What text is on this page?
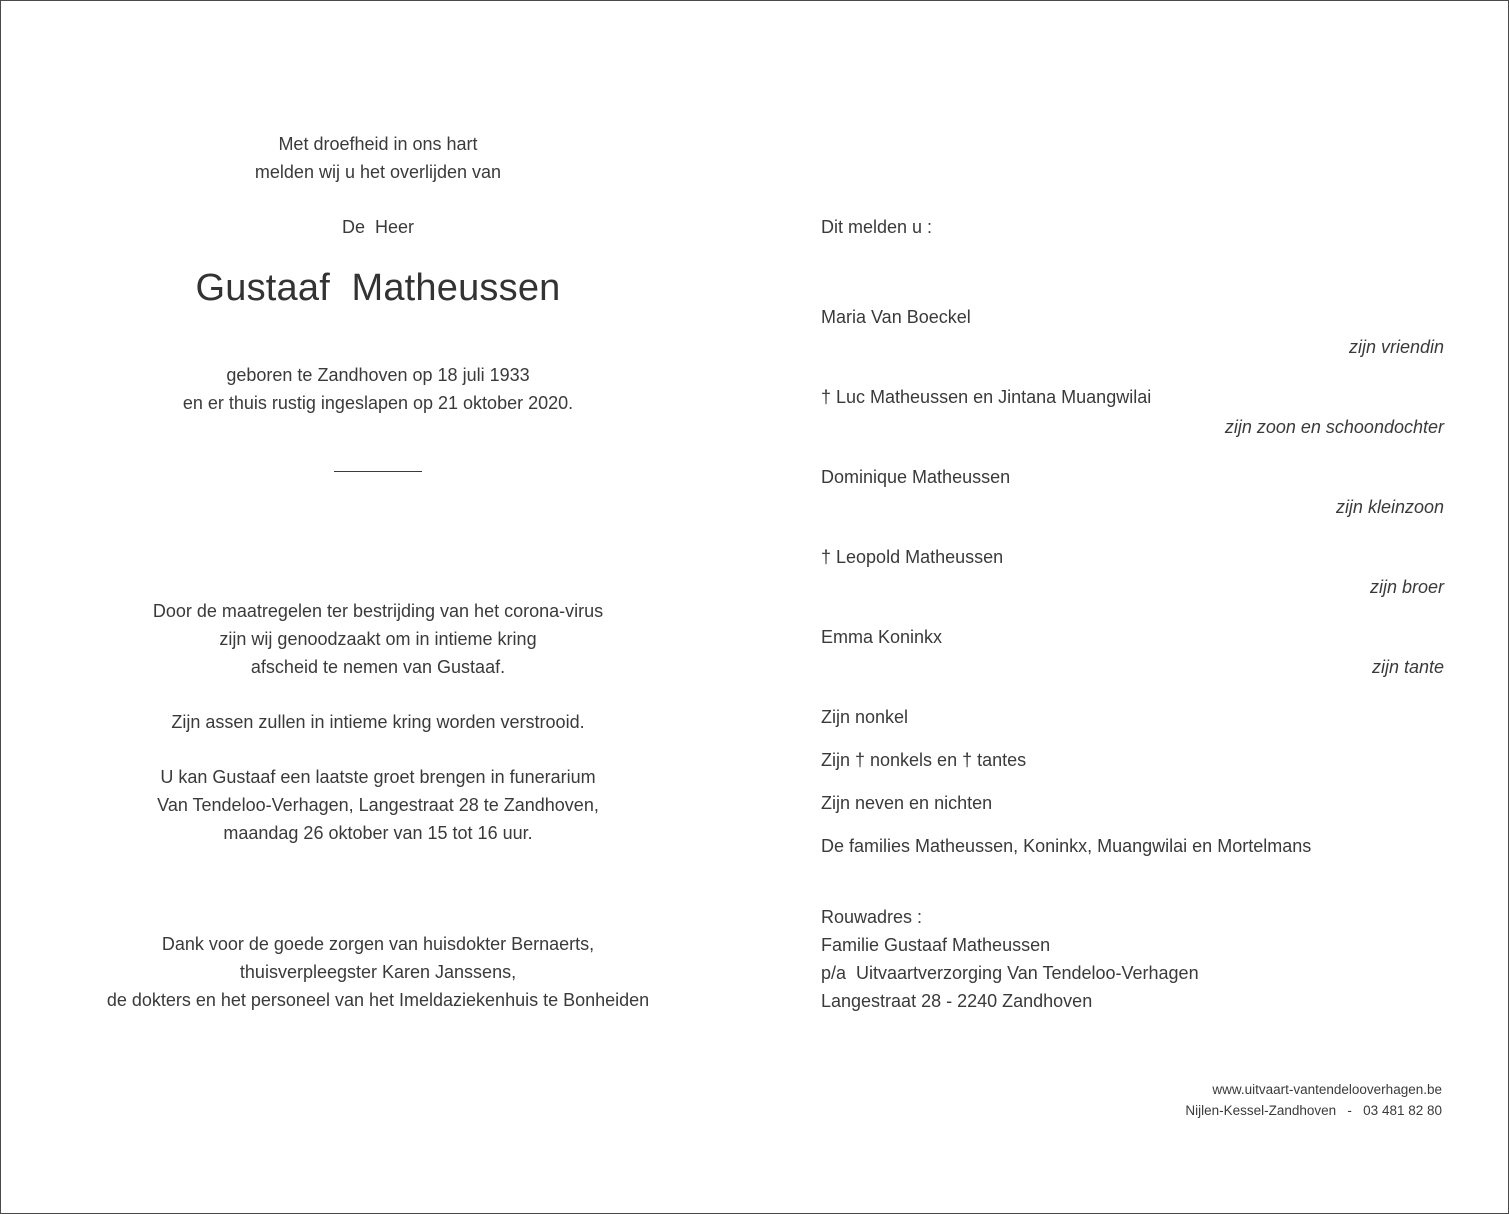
Met droefheid in ons hart
melden wij u het overlijden van
De  Heer
Gustaaf  Matheussen
geboren te Zandhoven op 18 juli 1933
en er thuis rustig ingeslapen op 21 oktober 2020.
Door de maatregelen ter bestrijding van het corona-virus
zijn wij genoodzaakt om in intieme kring
afscheid te nemen van Gustaaf.
Zijn assen zullen in intieme kring worden verstrooid.
U kan Gustaaf een laatste groet brengen in funerarium
Van Tendeloo-Verhagen, Langestraat 28 te Zandhoven,
maandag 26 oktober van 15 tot 16 uur.
Dank voor de goede zorgen van huisdokter Bernaerts,
thuisverpleegster Karen Janssens,
de dokters en het personeel van het Imeldaziekenhuis te Bonheiden
Dit melden u :
Maria Van Boeckel
zijn vriendin
† Luc Matheussen en Jintana Muangwilai
zijn zoon en schoondochter
Dominique Matheussen
zijn kleinzoon
† Leopold Matheussen
zijn broer
Emma Koninkx
zijn tante
Zijn nonkel
Zijn † nonkels en † tantes
Zijn neven en nichten
De families Matheussen, Koninkx, Muangwilai en Mortelmans
Rouwadres :
Familie Gustaaf Matheussen
p/a  Uitvaartverzorging Van Tendeloo-Verhagen
Langestraat 28 - 2240 Zandhoven
www.uitvaart-vantendelooverhagen.be
Nijlen-Kessel-Zandhoven   -   03 481 82 80
